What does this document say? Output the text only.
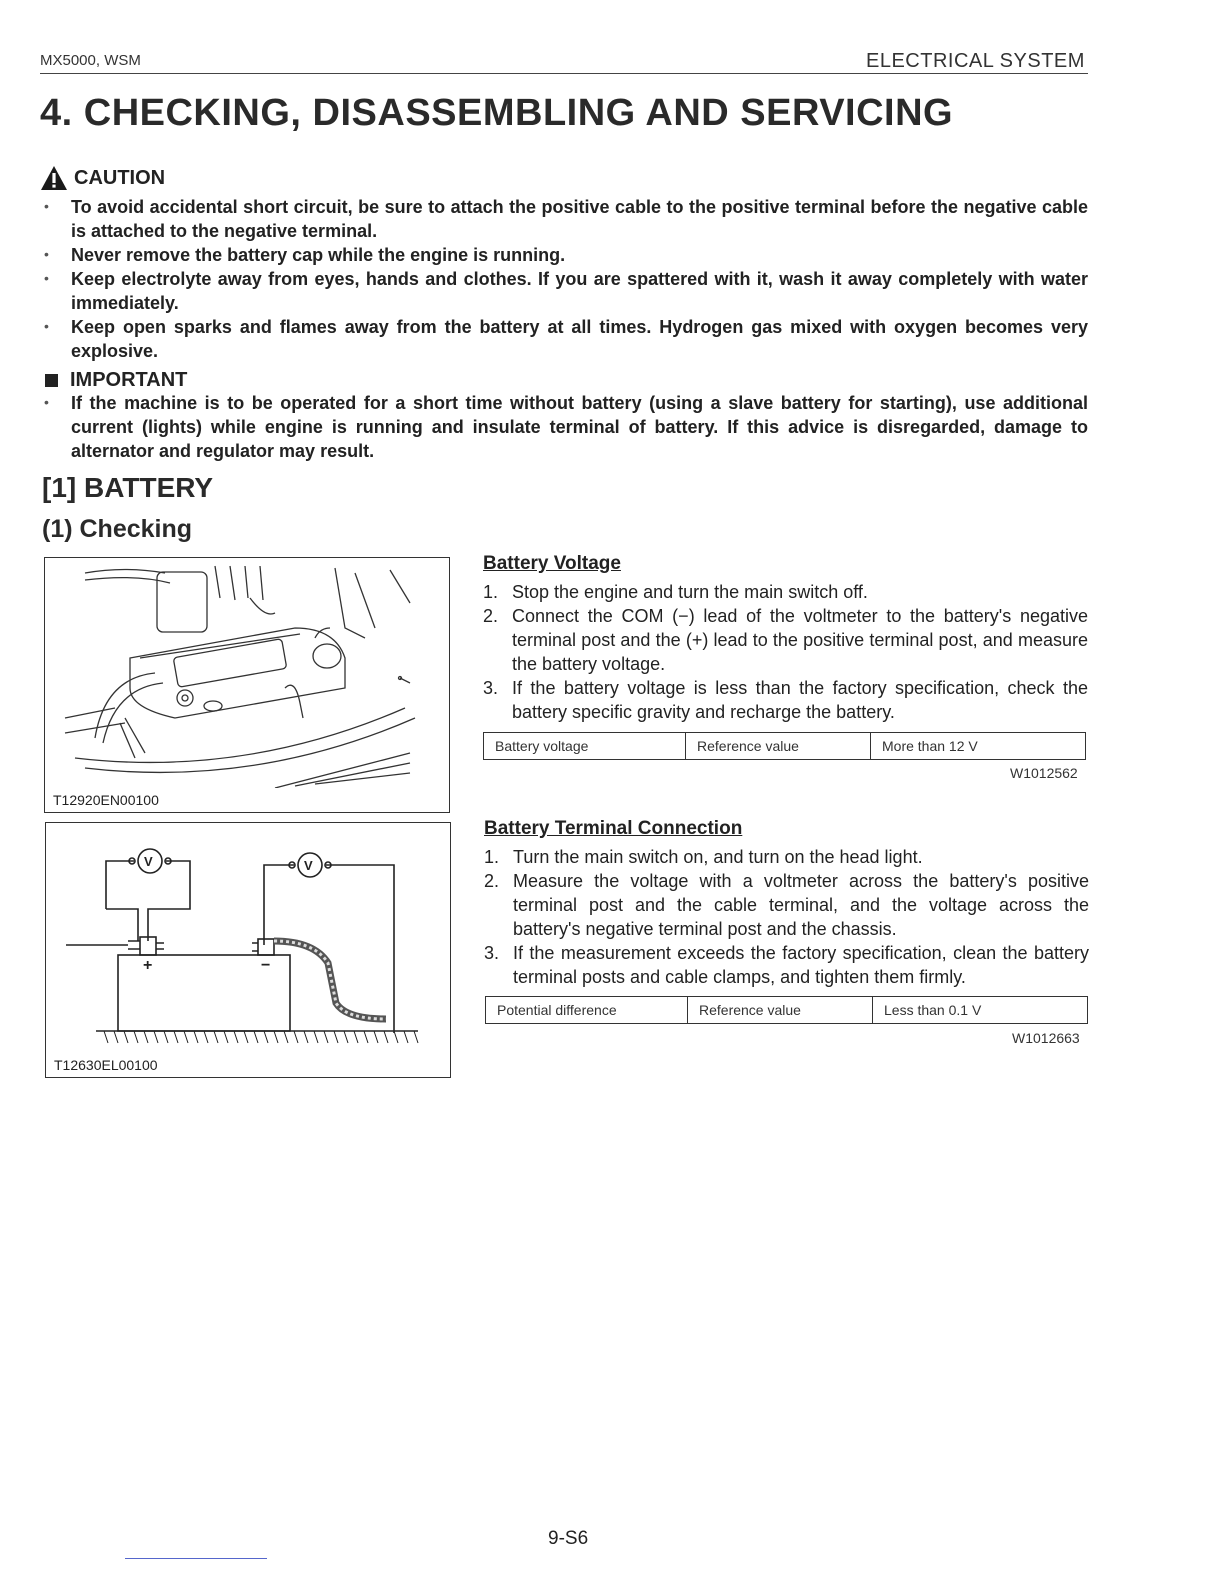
MX5000, WSM	ELECTRICAL SYSTEM
4. CHECKING, DISASSEMBLING AND SERVICING
CAUTION
• To avoid accidental short circuit, be sure to attach the positive cable to the positive terminal before the negative cable is attached to the negative terminal.
• Never remove the battery cap while the engine is running.
• Keep electrolyte away from eyes, hands and clothes. If you are spattered with it, wash it away completely with water immediately.
• Keep open sparks and flames away from the battery at all times. Hydrogen gas mixed with oxygen becomes very explosive.
IMPORTANT
• If the machine is to be operated for a short time without battery (using a slave battery for starting), use additional current (lights) while engine is running and insulate terminal of battery. If this advice is disregarded, damage to alternator and regulator may result.
[1] BATTERY
(1) Checking
T12920EN00100
V	V
+	−
T12630EL00100
Battery Voltage
1. Stop the engine and turn the main switch off.
2. Connect the COM (−) lead of the voltmeter to the battery's negative terminal post and the (+) lead to the positive terminal post, and measure the battery voltage.
3. If the battery voltage is less than the factory specification, check the battery specific gravity and recharge the battery.
Battery voltage	Reference value	More than 12 V
W1012562
Battery Terminal Connection
1. Turn the main switch on, and turn on the head light.
2. Measure the voltage with a voltmeter across the battery's positive terminal post and the cable terminal, and the voltage across the battery's negative terminal post and the chassis.
3. If the measurement exceeds the factory specification, clean the battery terminal posts and cable clamps, and tighten them firmly.
Potential difference	Reference value	Less than 0.1 V
W1012663
9-S6
